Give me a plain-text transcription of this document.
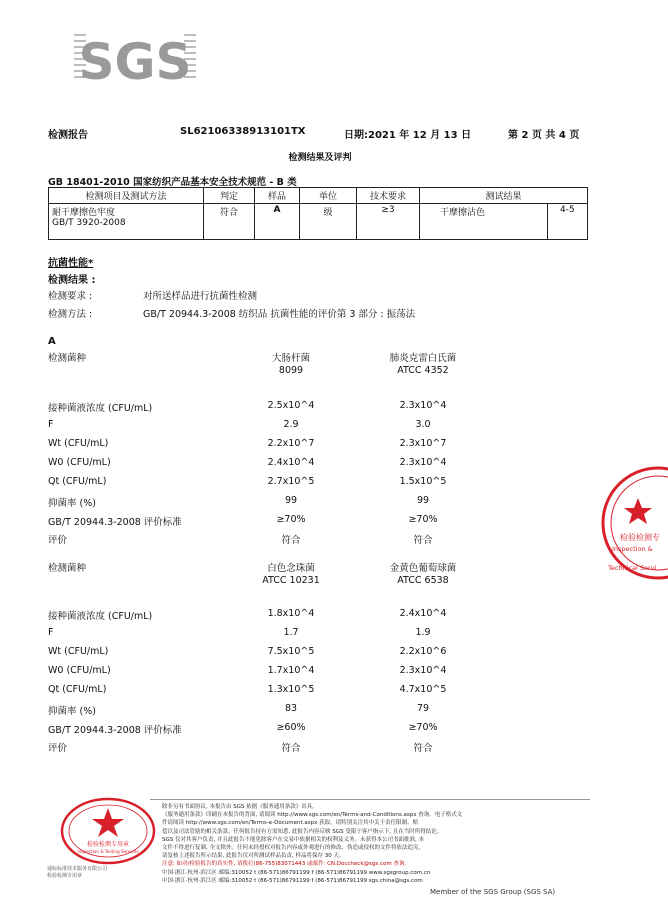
SGS
检测报告	SL62106338913101TX	日期:2021 年 12 月 13 日	第 2 页 共 4 页
检测结果及评判
GB 18401-2010 国家纺织产品基本安全技术规范 - B 类
检测项目及测试方法	判定	样品	单位	技术要求	测试结果	

耐干摩擦色牢度
GB/T 3920-2008	符合	A	级	≥3	干摩擦沾色	4-5
抗菌性能*
检测结果 :
检测要求 :	对所送样品进行抗菌性检测
检测方法 :	GB/T 20944.3-2008 纺织品 抗菌性能的评价第 3 部分 : 振荡法
A
检测菌种	大肠杆菌	肺炎克雷白氏菌
8099	ATCC 4352
接种菌液浓度 (CFU/mL)	2.5x10^4	2.3x10^4
F	2.9	3.0
Wt (CFU/mL)	2.2x10^7	2.3x10^7
W0 (CFU/mL)	2.4x10^4	2.3x10^4
Qt (CFU/mL)	2.7x10^5	1.5x10^5
抑菌率 (%)	99	99
GB/T 20944.3-2008 评价标准	≥70%	≥70%
评价	符合	符合
检测菌种	白色念珠菌	金黄色葡萄球菌
ATCC 10231	ATCC 6538
接种菌液浓度 (CFU/mL)	1.8x10^4	2.4x10^4
F	1.7	1.9
Wt (CFU/mL)	7.5x10^5	2.2x10^6
W0 (CFU/mL)	1.7x10^4	2.3x10^4
Qt (CFU/mL)	1.3x10^5	4.7x10^5
抑菌率 (%)	83	79
GB/T 20944.3-2008 评价标准	≥60%	≥70%
评价	符合	符合
检验检测专
Inspection &
Technical Servi
检验检测专用章
Inspection & Testing Services
除非另有书面协议, 本报告由 SGS 依据《服务通用条款》出具,
《服务通用条款》印刷在本报告的背面, 请阅读 http://www.sgs.com/en/Terms-and-Conditions.aspx 查询。电子格式文
件请阅读 http://www.sgs.com/en/Terms-e-Document.aspx 获取。请特别关注其中关于责任限制、赔
偿以及司法管辖的相关条款。任何报告持有方需知悉, 此报告内容反映 SGS 受限于客户指示下, 且在当时所得结论。
SGS 仅对其客户负责, 并且此报告不能免除客户在交易中依据相关的权利及义务。未获得本公司书面批准, 本
文件不得进行复制, 全文除外。任何未经授权对报告内容或外观进行的修改、伪造或侵权的文件将依法追究,
请复核上述报告所示结果, 此报告仅对所测试样品负责, 样品将保存 30 天。
注意: 如对/检验报告的真实性, 请拨打(86-755)83071443 或邮件: CN.Doccheck@sgs.com 查询。
中国·浙江·杭州·滨江区 邮编:310052 t (86-571)86791199 f (86-571)86791199 www.sgsgroup.com.cn
中国·浙江·杭州·滨江区 邮编:310052 t (86-571)86791199 f (86-571)86791199 sgs.china@sgs.com
通标标准技术服务有限公司
检验检测专用章
Member of the SGS Group (SGS SA)
